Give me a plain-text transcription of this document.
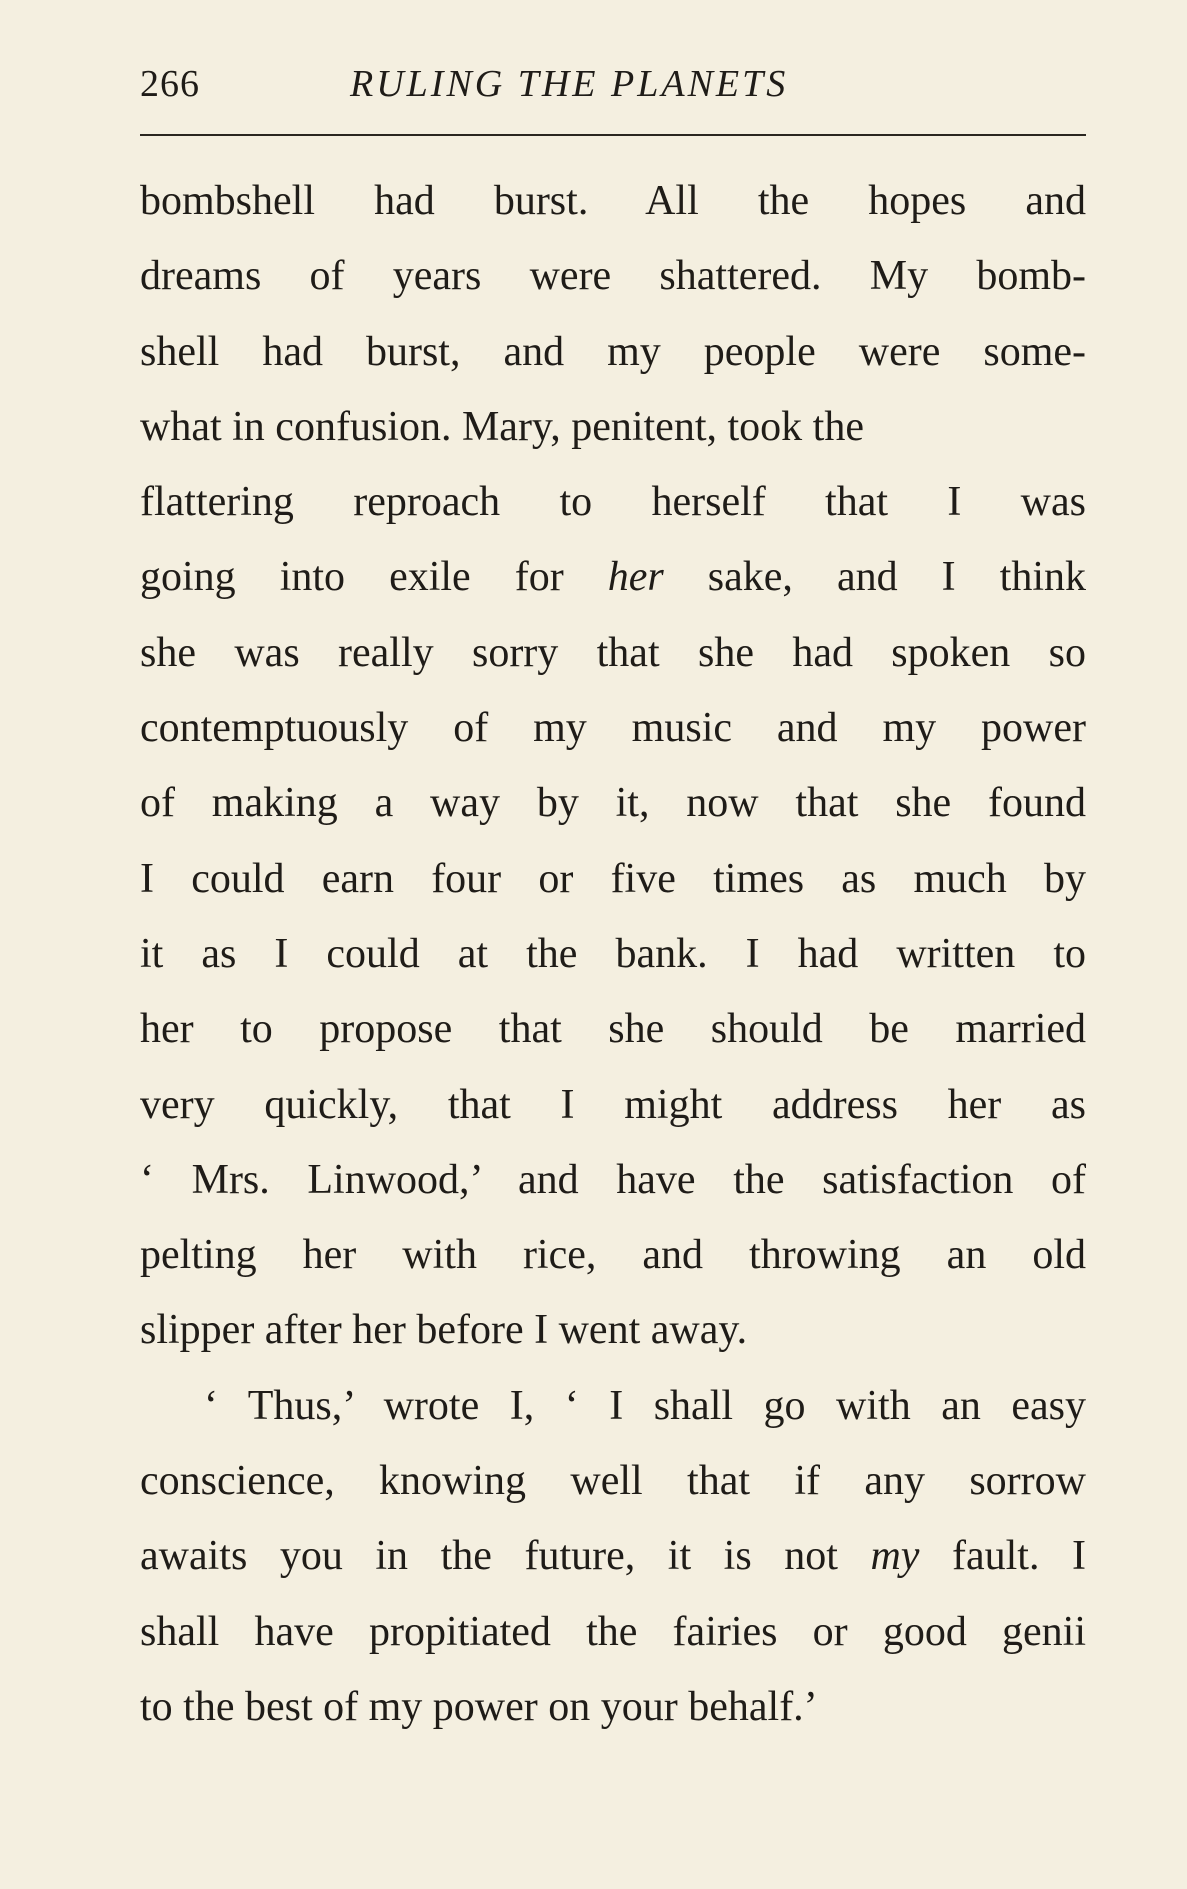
266	RULING THE PLANETS
bombshell had burst. All the hopes and
dreams of years were shattered. My bomb-
shell had burst, and my people were some-
what in confusion. Mary, penitent, took the
flattering reproach to herself that I was
going into exile for her sake, and I think
she was really sorry that she had spoken so
contemptuously of my music and my power
of making a way by it, now that she found
I could earn four or five times as much by
it as I could at the bank. I had written to
her to propose that she should be married
very quickly, that I might address her as
‘ Mrs. Linwood,’ and have the satisfaction of
pelting her with rice, and throwing an old
slipper after her before I went away.
‘ Thus,’ wrote I, ‘ I shall go with an easy
conscience, knowing well that if any sorrow
awaits you in the future, it is not my fault. I
shall have propitiated the fairies or good genii
to the best of my power on your behalf.’
